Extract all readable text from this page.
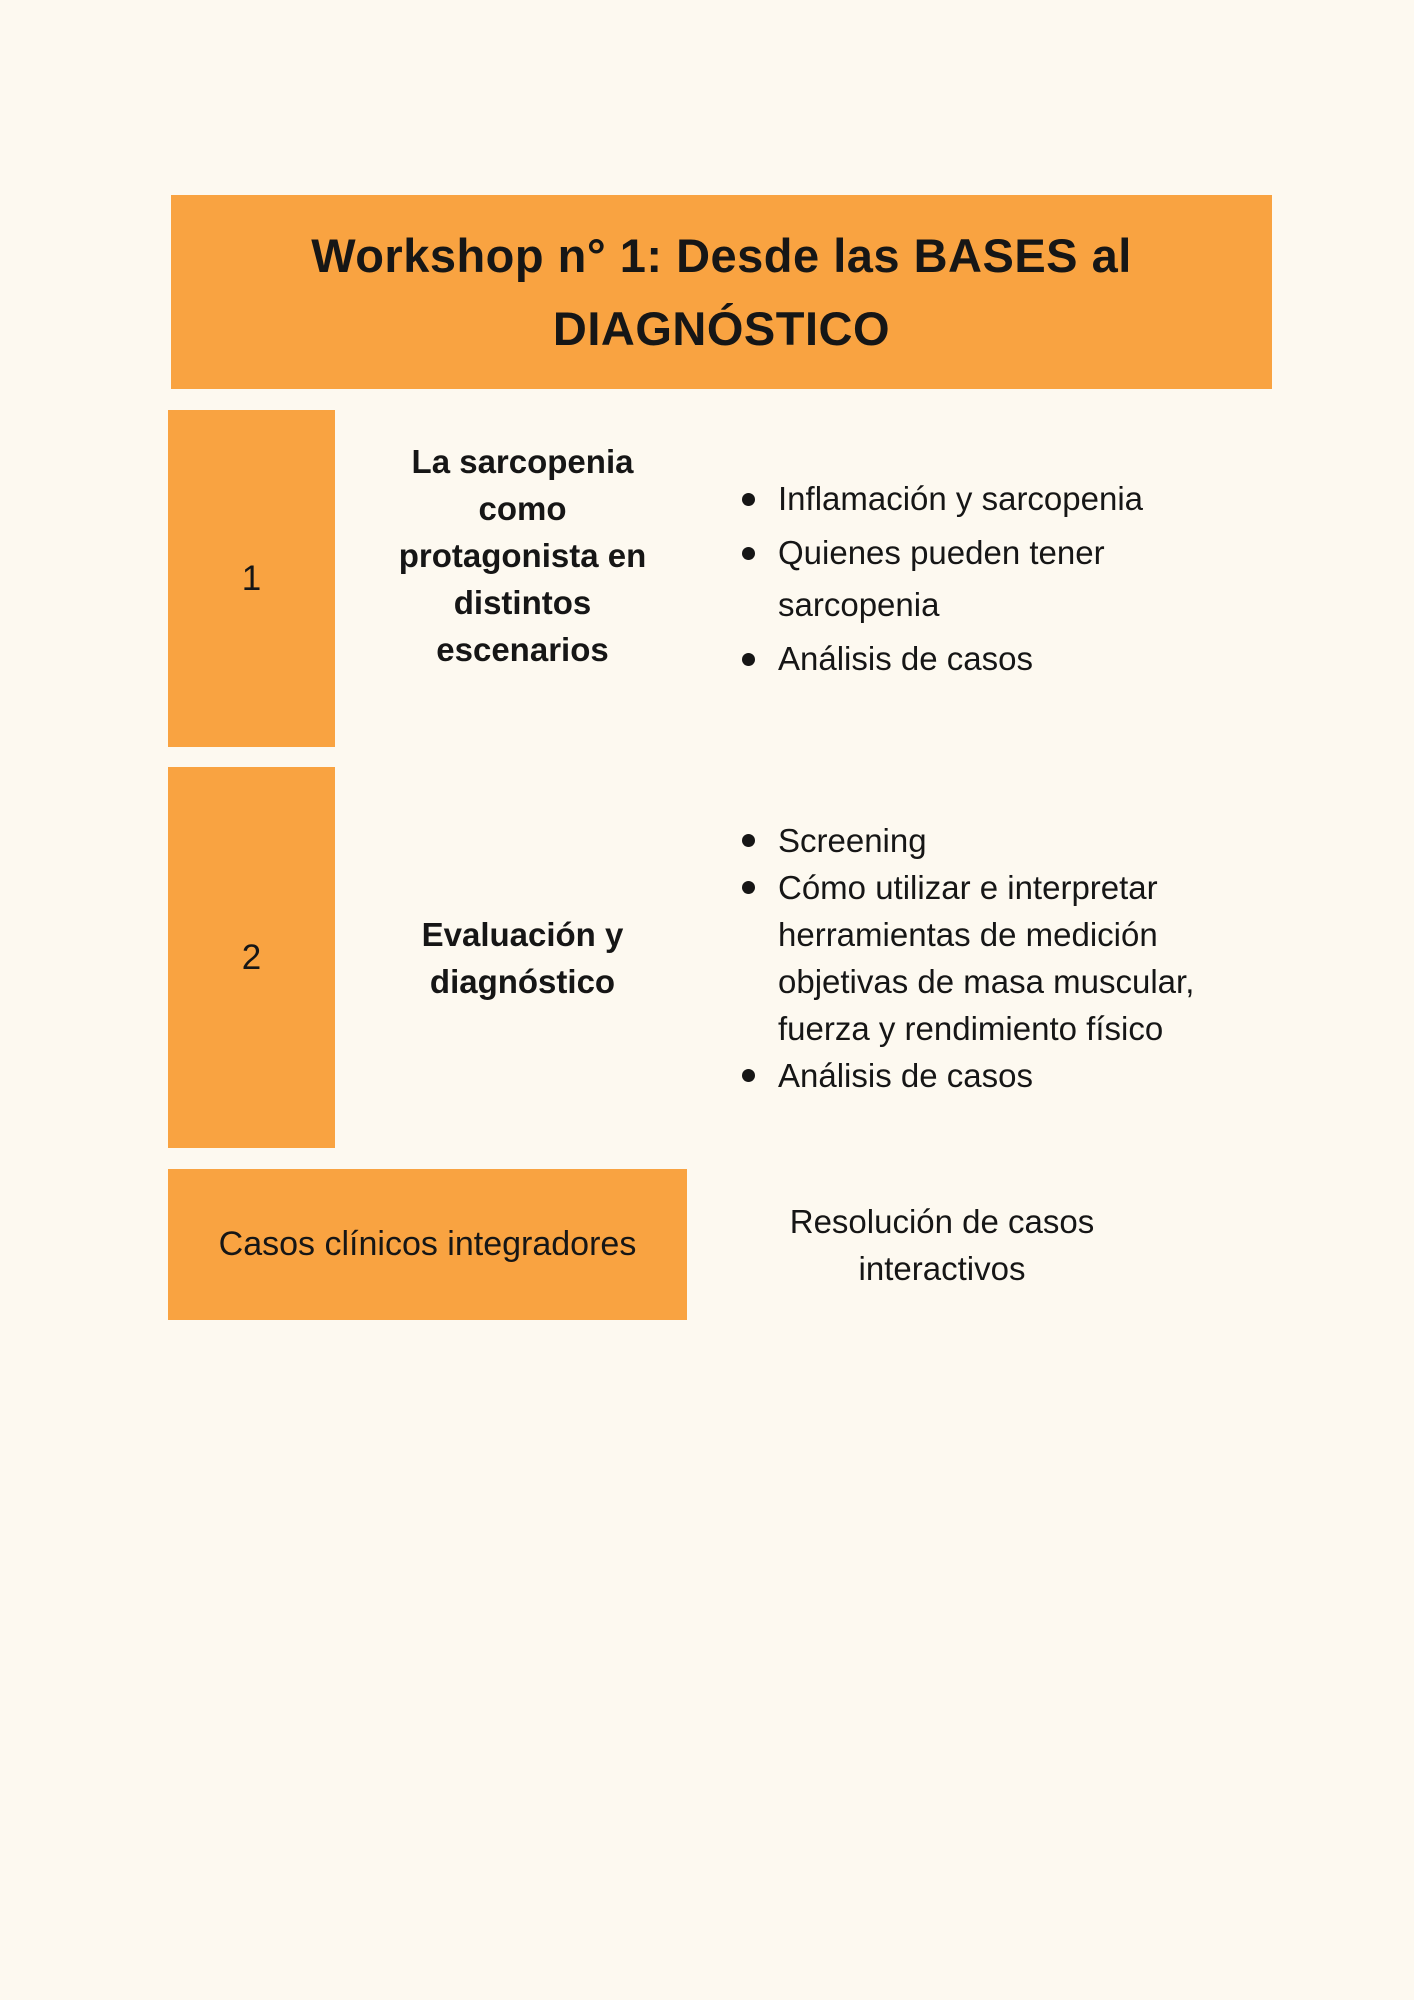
Workshop n° 1: Desde las BASES al
DIAGNÓSTICO
1
La sarcopenia
como
protagonista en
distintos
escenarios
Inflamación y sarcopenia
Quienes pueden tener sarcopenia
Análisis de casos
2
Evaluación y
diagnóstico
Screening
Cómo utilizar e interpretar herramientas de medición objetivas de masa muscular, fuerza y rendimiento físico
Análisis de casos
Casos clínicos integradores
Resolución de casos interactivos
